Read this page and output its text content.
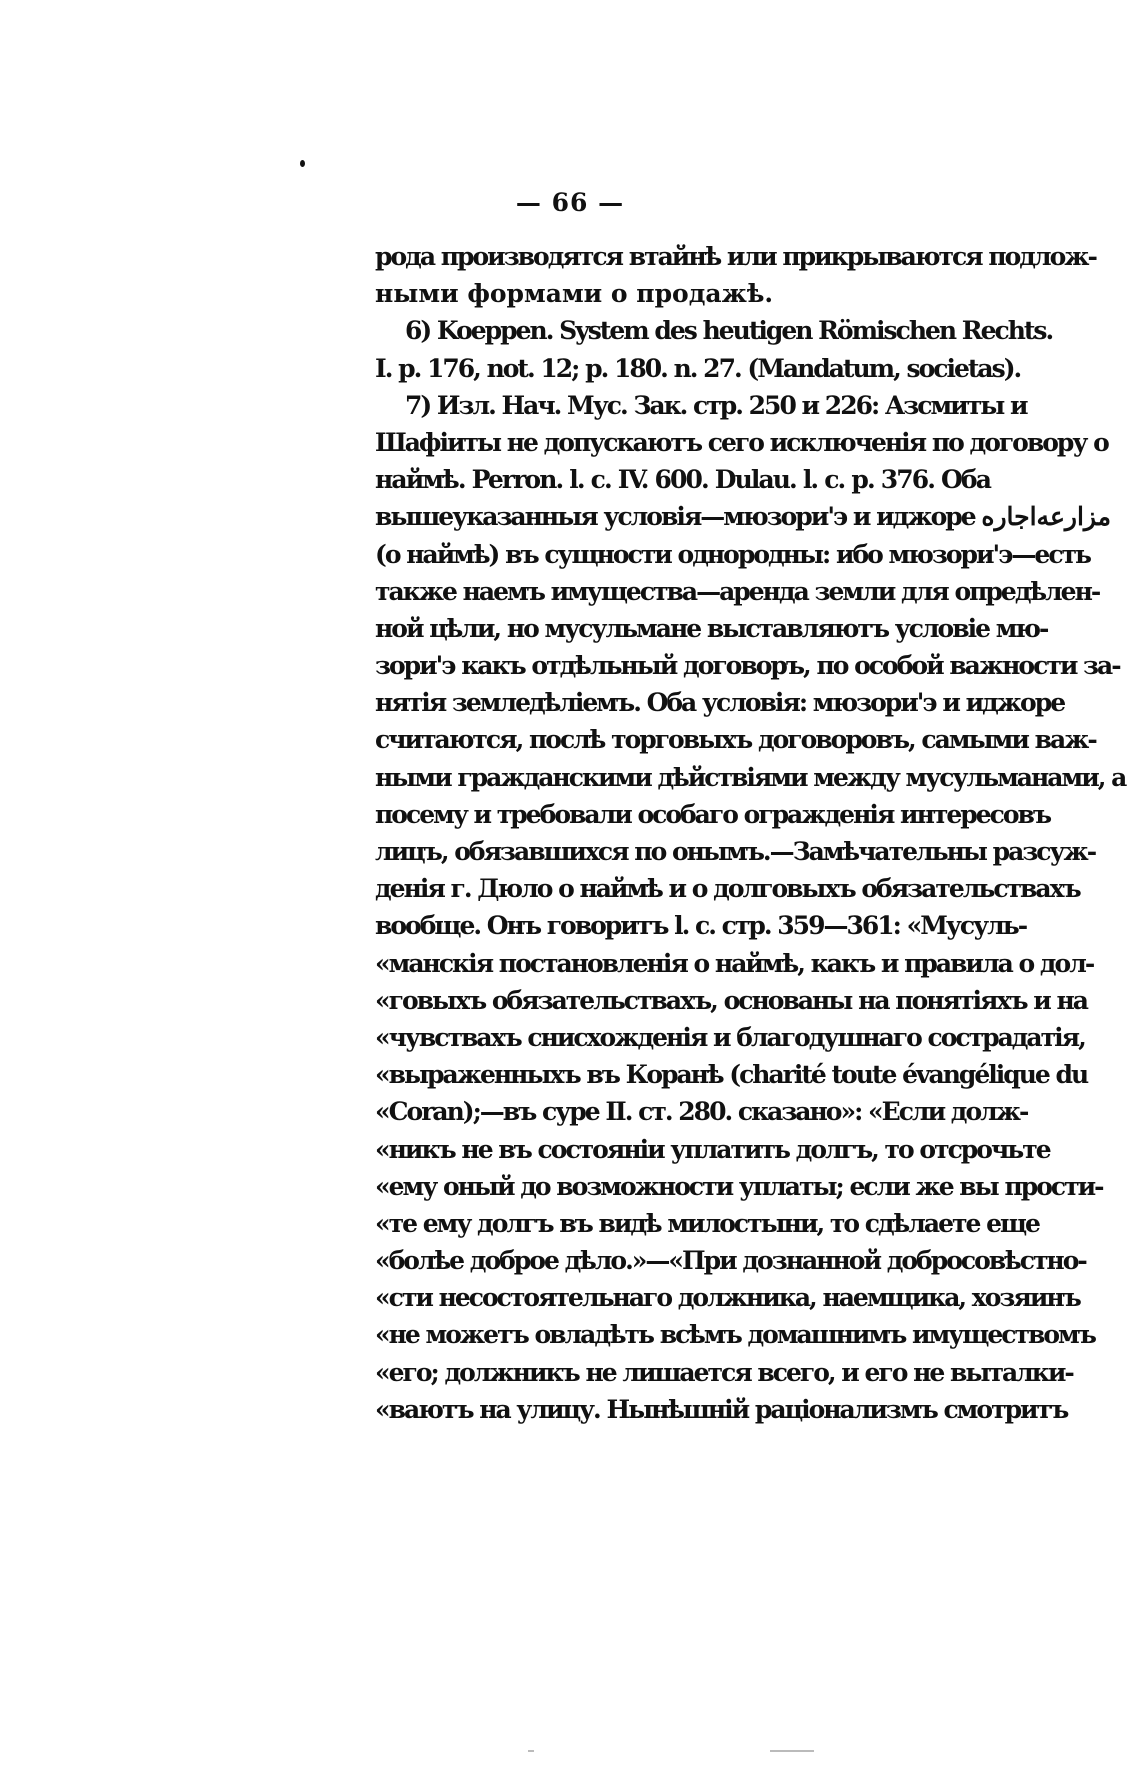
— 66 —
рода производятся втайнѣ или прикрываются подлож-
ными формами о продажѣ.
6) Koeppen. System des heutigen Römischen Rechts.
I. p. 176, not. 12; p. 180. n. 27. (Mandatum, societas).
7) Изл. Нач. Мус. Зак. стр. 250 и 226: Азсмиты и
Шафіиты не допускаютъ сего исключенія по договору о
наймѣ. Perron. l. c. IV. 600. Dulau. l. c. p. 376. Оба
вышеуказанныя условія—мюзори'э и иджоре مزارعه‌اجاره
(о наймѣ) въ сущности однородны: ибо мюзори'э—есть
также наемъ имущества—аренда земли для опредѣлен-
ной цѣли, но мусульмане выставляютъ условіе мю-
зори'э какъ отдѣльный договоръ, по особой важности за-
нятія земледѣліемъ. Оба условія: мюзори'э и иджоре
считаются, послѣ торговыхъ договоровъ, самыми важ-
ными гражданскими дѣйствіями между мусульманами, а
посему и требовали особаго огражденія интересовъ
лицъ, обязавшихся по онымъ.—Замѣчательны разсуж-
денія г. Дюло о наймѣ и о долговыхъ обязательствахъ
вообще. Онъ говоритъ l. c. стр. 359—361: «Мусуль-
«манскія постановленія о наймѣ, какъ и правила о дол-
«говыхъ обязательствахъ, основаны на понятіяхъ и на
«чувствахъ снисхожденія и благодушнаго сострадатія,
«выраженныхъ въ Коранѣ (charité toute évangélique du
«Coran);—въ суре II. ст. 280. сказано»: «Если долж-
«никъ не въ состояніи уплатить долгъ, то отсрочьте
«ему оный до возможности уплаты; если же вы прости-
«те ему долгъ въ видѣ милостыни, то сдѣлаете еще
«болѣе доброе дѣло.»—«При дознанной добросовѣстно-
«сти несостоятельнаго должника, наемщика, хозяинъ
«не можетъ овладѣть всѣмъ домашнимъ имуществомъ
«его; должникъ не лишается всего, и его не выталки-
«ваютъ на улицу. Нынѣшній раціонализмъ смотритъ
